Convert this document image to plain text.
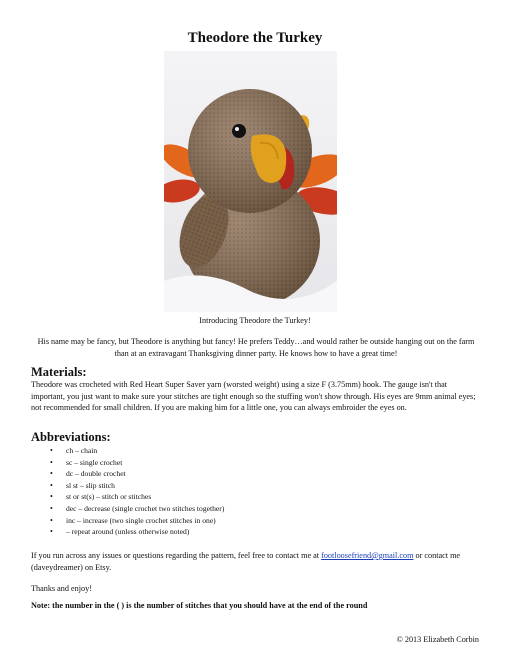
Theodore the Turkey
Introducing Theodore the Turkey!
His name may be fancy, but Theodore is anything but fancy! He prefers Teddy…and would rather be outside hanging out on the farm than at an extravagant Thanksgiving dinner party. He knows how to have a great time!
Materials:
Theodore was crocheted with Red Heart Super Saver yarn (worsted weight) using a size F (3.75mm) hook. The gauge isn't that important, you just want to make sure your stitches are tight enough so the stuffing won't show through. His eyes are 9mm animal eyes; not recommended for small children. If you are making him for a little one, you can always embroider the eyes on.
Abbreviations:
• ch – chain
• sc – single crochet
• dc – double crochet
• sl st – slip stitch
• st or st(s) – stitch or stitches
• dec – decrease (single crochet two stitches together)
• inc – increase (two single crochet stitches in one)
• – repeat around (unless otherwise noted)
If you run across any issues or questions regarding the pattern, feel free to contact me at footloosefriend@gmail.com or contact me (daveydreamer) on Etsy.
Thanks and enjoy!
Note: the number in the ( ) is the number of stitches that you should have at the end of the round
© 2013 Elizabeth Corbin
